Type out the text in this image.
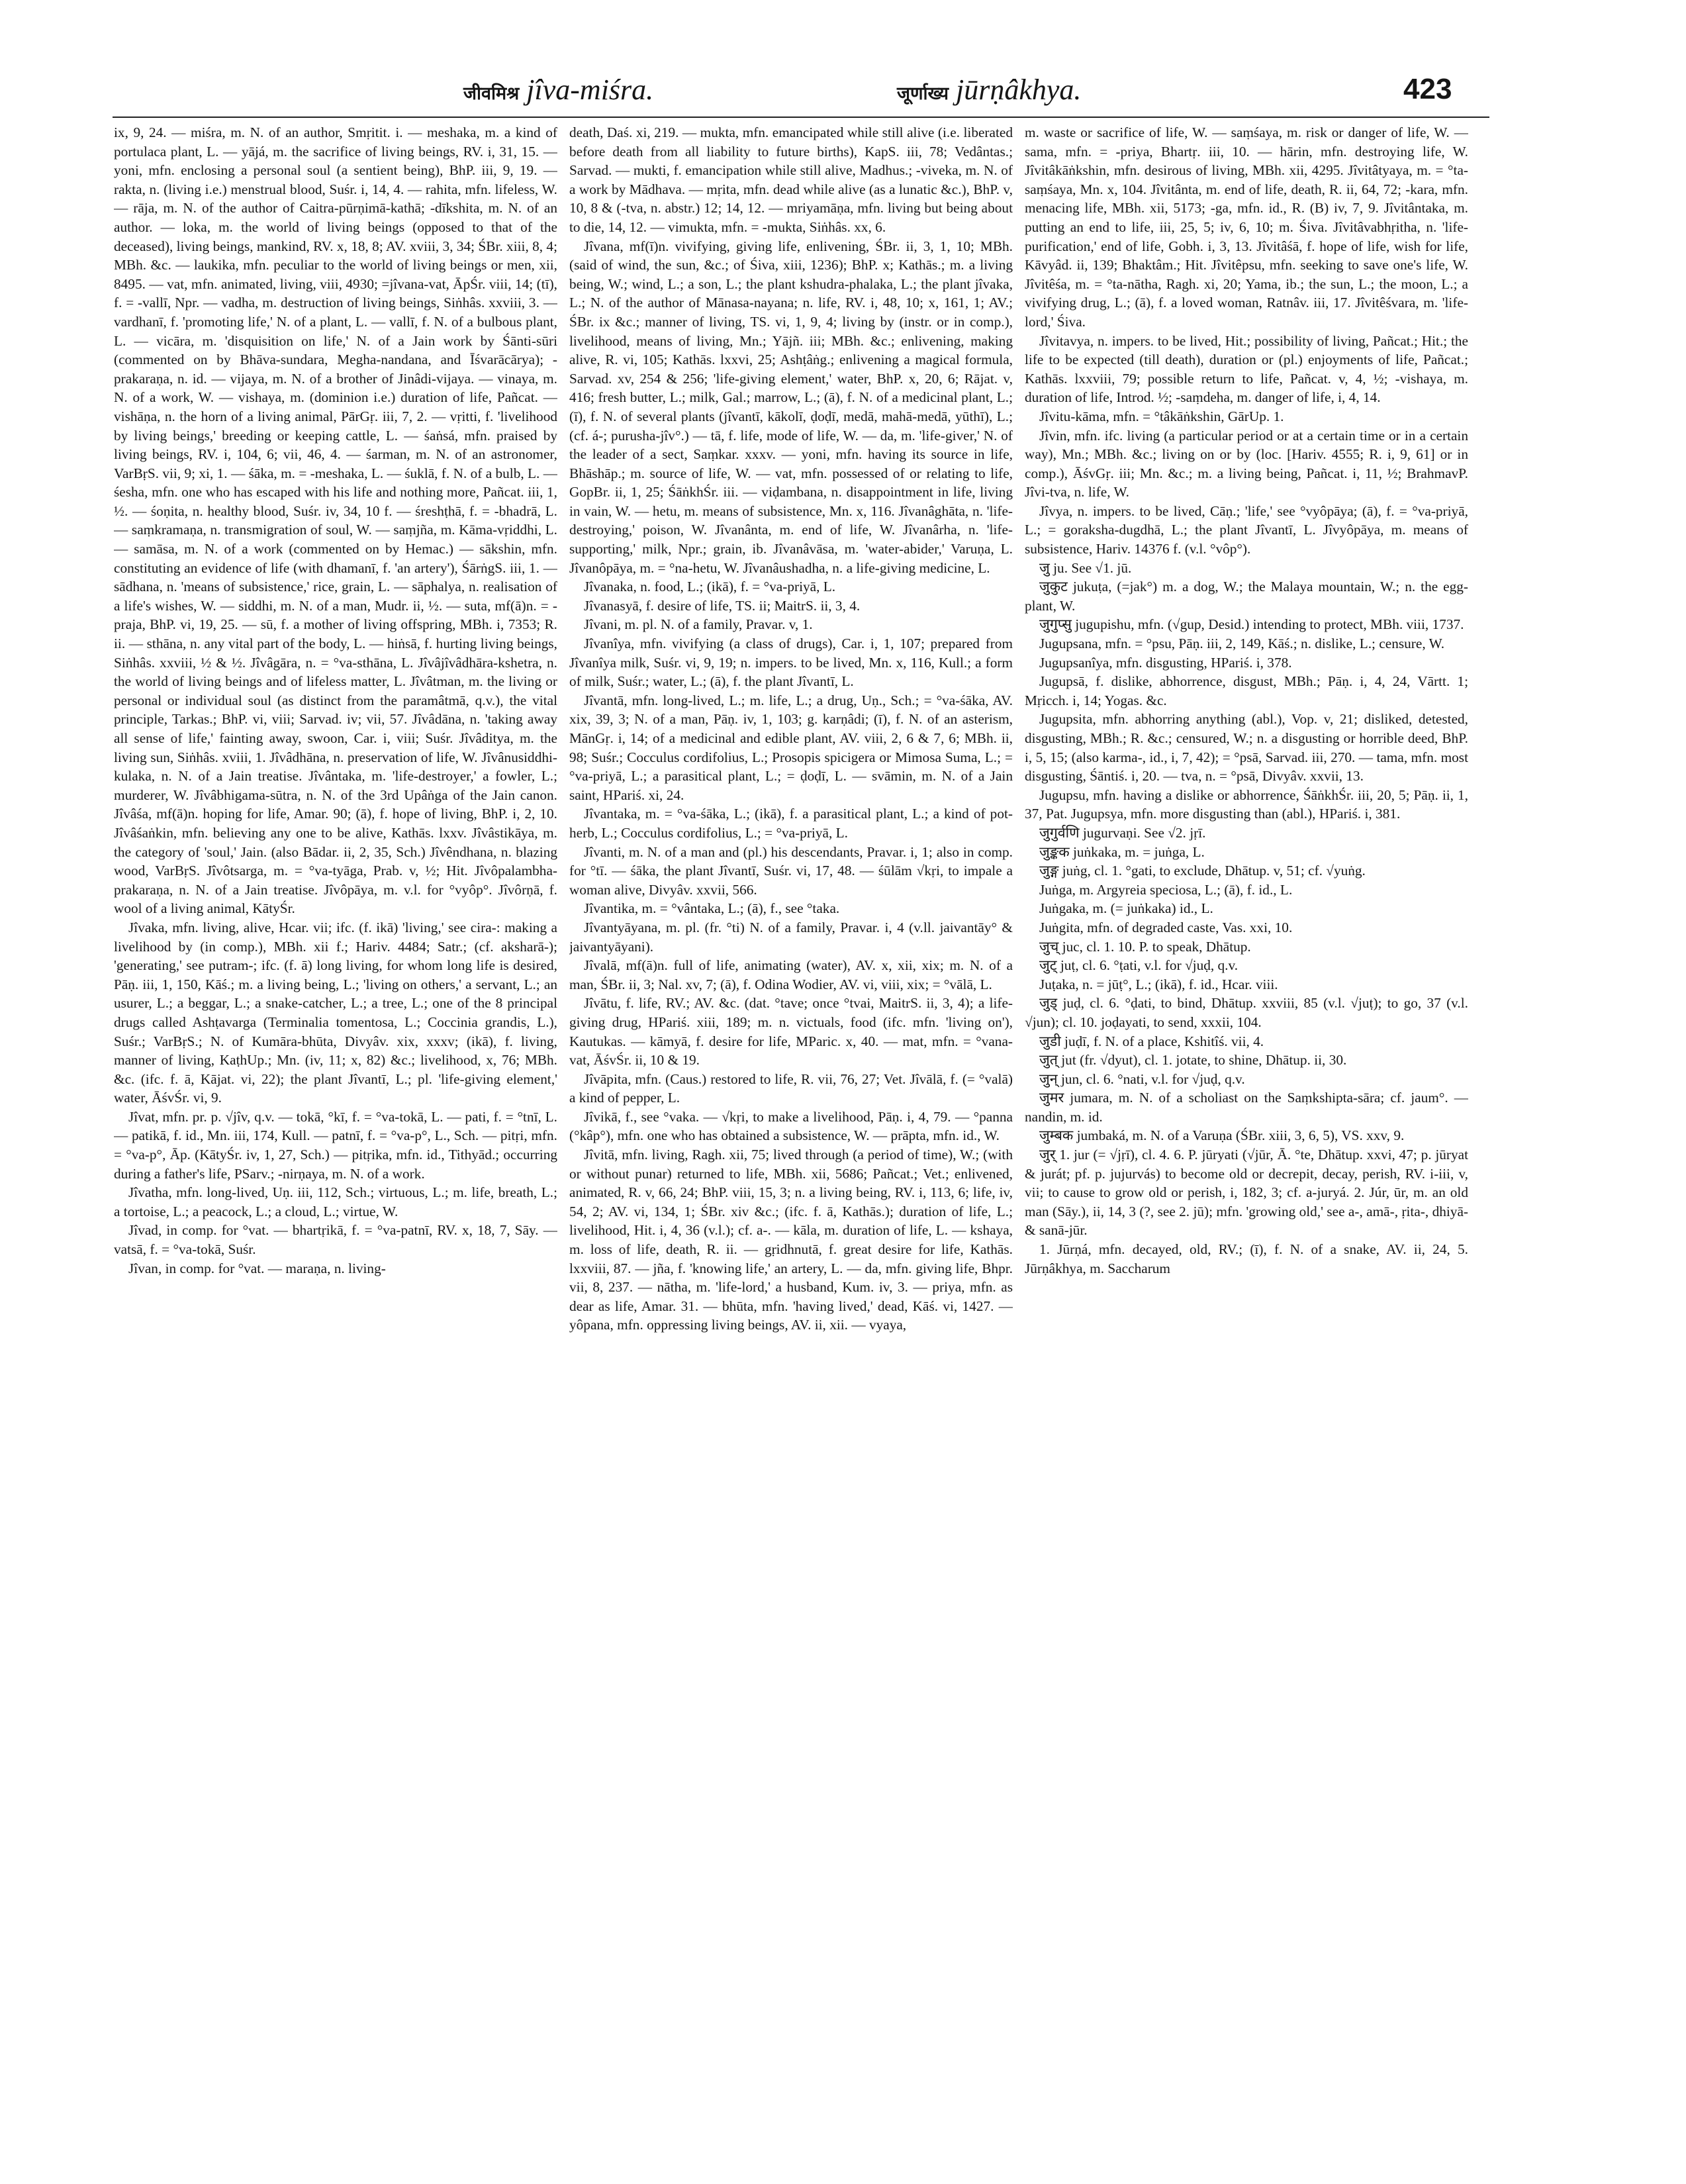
जीवमिश्र jîva-miśra.	जूर्णाख्य jūrṇâkhya.	423

ix, 9, 24. — miśra, m. N. of an author, Smṛitit. i. — meshaka, m. a kind of portulaca plant, L. — yājá, m. the sacrifice of living beings, RV. i, 31, 15. — yoni, mfn. enclosing a personal soul (a sentient being), BhP. iii, 9, 19. — rakta, n. (living i.e.) menstrual blood, Suśr. i, 14, 4. — rahita, mfn. lifeless, W. — rāja, m. N. of the author of Caitra-pūrṇimā-kathā; -dīkshita, m. N. of an author. — loka, m. the world of living beings (opposed to that of the deceased), living beings, mankind, RV. x, 18, 8; AV. xviii, 3, 34; ŚBr. xiii, 8, 4; MBh. &c. — laukika, mfn. peculiar to the world of living beings or men, xii, 8495. — vat, mfn. animated, living, viii, 4930; =jîvana-vat, ĀpŚr. viii, 14; (tī), f. = -vallī, Npr. — vadha, m. destruction of living beings, Siṅhâs. xxviii, 3. — vardhanī, f. 'promoting life,' N. of a plant, L. — vallī, f. N. of a bulbous plant, L. — vicāra, m. 'disquisition on life,' N. of a Jain work by Śānti-sūri (commented on by Bhāva-sundara, Megha-nandana, and Īśvarācārya); -prakaraṇa, n. id. — vijaya, m. N. of a brother of Jinâdi-vijaya. — vinaya, m. N. of a work, W. — vishaya, m. (dominion i.e.) duration of life, Pañcat. — vishāṇa, n. the horn of a living animal, PārGṛ. iii, 7, 2. — vṛitti, f. 'livelihood by living beings,' breeding or keeping cattle, L. — śaṅsá, mfn. praised by living beings, RV. i, 104, 6; vii, 46, 4. — śarman, m. N. of an astronomer, VarBṛS. vii, 9; xi, 1. — śāka, m. = -meshaka, L. — śuklā, f. N. of a bulb, L. — śesha, mfn. one who has escaped with his life and nothing more, Pañcat. iii, 1, ½. — śoṇita, n. healthy blood, Suśr. iv, 34, 10 f. — śreshṭhā, f. = -bhadrā, L. — saṃkramaṇa, n. transmigration of soul, W. — saṃjña, m. Kāma-vṛiddhi, L. — samāsa, m. N. of a work (commented on by Hemac.) — sākshin, mfn. constituting an evidence of life (with dhamanī, f. 'an artery'), ŚārṅgS. iii, 1. — sādhana, n. 'means of subsistence,' rice, grain, L. — sāphalya, n. realisation of a life's wishes, W. — siddhi, m. N. of a man, Mudr. ii, ½. — suta, mf(ā)n. = -praja, BhP. vi, 19, 25. — sū, f. a mother of living offspring, MBh. i, 7353; R. ii. — sthāna, n. any vital part of the body, L. — hiṅsā, f. hurting living beings, Siṅhâs. xxviii, ½ & ½. Jîvâgāra, n. = °va-sthāna, L. Jîvâjîvâdhāra-kshetra, n. the world of living beings and of lifeless matter, L. Jîvâtman, m. the living or personal or individual soul (as distinct from the paramâtmā, q.v.), the vital principle, Tarkas.; BhP. vi, viii; Sarvad. iv; vii, 57. Jîvâdāna, n. 'taking away all sense of life,' fainting away, swoon, Car. i, viii; Suśr. Jîvâditya, m. the living sun, Siṅhâs. xviii, 1. Jîvâdhāna, n. preservation of life, W. Jîvânusiddhi-kulaka, n. N. of a Jain treatise. Jîvântaka, m. 'life-destroyer,' a fowler, L.; murderer, W. Jîvâbhigama-sūtra, n. N. of the 3rd Upâṅga of the Jain canon. Jîvâśa, mf(ā)n. hoping for life, Amar. 90; (ā), f. hope of living, BhP. i, 2, 10. Jîvâśaṅkin, mfn. believing any one to be alive, Kathās. lxxv. Jîvâstikāya, m. the category of 'soul,' Jain. (also Bādar. ii, 2, 35, Sch.) Jîvêndhana, n. blazing wood, VarBṛS. Jîvôtsarga, m. = °va-tyāga, Prab. v, ½; Hit. Jîvôpalambha-prakaraṇa, n. N. of a Jain treatise. Jîvôpāya, m. v.l. for °vyôp°. Jîvôrṇā, f. wool of a living animal, KātyŚr.

Jîvaka, mfn. living, alive, Hcar. vii; ifc. (f. ikā) 'living,' see cira-: making a livelihood by (in comp.), MBh. xii f.; Hariv. 4484; Satr.; (cf. aksharā-); 'generating,' see putram-; ifc. (f. ā) long living, for whom long life is desired, Pāṇ. iii, 1, 150, Kāś.; m. a living being, L.; 'living on others,' a servant, L.; an usurer, L.; a beggar, L.; a snake-catcher, L.; a tree, L.; one of the 8 principal drugs called Ashṭavarga (Terminalia tomentosa, L.; Coccinia grandis, L.), Suśr.; VarBṛS.; N. of Kumāra-bhūta, Divyâv. xix, xxxv; (ikā), f. living, manner of living, KaṭhUp.; Mn. (iv, 11; x, 82) &c.; livelihood, x, 76; MBh. &c. (ifc. f. ā, Kājat. vi, 22); the plant Jîvantī, L.; pl. 'life-giving element,' water, ĀśvŚr. vi, 9.

Jîvat, mfn. pr. p. √jîv, q.v. — tokā, °kī, f. = °va-tokā, L. — pati, f. = °tnī, L. — patikā, f. id., Mn. iii, 174, Kull. — patnī, f. = °va-p°, L., Sch. — pitṛi, mfn. = °va-p°, Āp. (KātyŚr. iv, 1, 27, Sch.) — pitṛika, mfn. id., Tithyād.; occurring during a father's life, PSarv.; -nirṇaya, m. N. of a work.

Jîvatha, mfn. long-lived, Uṇ. iii, 112, Sch.; virtuous, L.; m. life, breath, L.; a tortoise, L.; a peacock, L.; a cloud, L.; virtue, W.

Jîvad, in comp. for °vat. — bhartṛikā, f. = °va-patnī, RV. x, 18, 7, Sāy. — vatsā, f. = °va-tokā, Suśr.

Jîvan, in comp. for °vat. — maraṇa, n. living-

death, Daś. xi, 219. — mukta, mfn. emancipated while still alive (i.e. liberated before death from all liability to future births), KapS. iii, 78; Vedântas.; Sarvad. — mukti, f. emancipation while still alive, Madhus.; -viveka, m. N. of a work by Mādhava. — mṛita, mfn. dead while alive (as a lunatic &c.), BhP. v, 10, 8 & (-tva, n. abstr.) 12; 14, 12. — mriyamāṇa, mfn. living but being about to die, 14, 12. — vimukta, mfn. = -mukta, Siṅhâs. xx, 6.

Jîvana, mf(ī)n. vivifying, giving life, enlivening, ŚBr. ii, 3, 1, 10; MBh. (said of wind, the sun, &c.; of Śiva, xiii, 1236); BhP. x; Kathās.; m. a living being, W.; wind, L.; a son, L.; the plant kshudra-phalaka, L.; the plant jîvaka, L.; N. of the author of Mānasa-nayana; n. life, RV. i, 48, 10; x, 161, 1; AV.; ŚBr. ix &c.; manner of living, TS. vi, 1, 9, 4; living by (instr. or in comp.), livelihood, means of living, Mn.; Yājñ. iii; MBh. &c.; enlivening, making alive, R. vi, 105; Kathās. lxxvi, 25; Ashṭâṅg.; enlivening a magical formula, Sarvad. xv, 254 & 256; 'life-giving element,' water, BhP. x, 20, 6; Rājat. v, 416; fresh butter, L.; milk, Gal.; marrow, L.; (ā), f. N. of a medicinal plant, L.; (ī), f. N. of several plants (jîvantī, kākolī, ḍoḍī, medā, mahā-medā, yūthī), L.; (cf. á-; purusha-jîv°.) — tā, f. life, mode of life, W. — da, m. 'life-giver,' N. of the leader of a sect, Saṃkar. xxxv. — yoni, mfn. having its source in life, Bhāshāp.; m. source of life, W. — vat, mfn. possessed of or relating to life, GopBr. ii, 1, 25; ŚāṅkhŚr. iii. — viḍambana, n. disappointment in life, living in vain, W. — hetu, m. means of subsistence, Mn. x, 116. Jîvanâghāta, n. 'life-destroying,' poison, W. Jîvanânta, m. end of life, W. Jîvanârha, n. 'life-supporting,' milk, Npr.; grain, ib. Jîvanâvāsa, m. 'water-abider,' Varuṇa, L. Jîvanôpāya, m. = °na-hetu, W. Jîvanâushadha, n. a life-giving medicine, L.

Jîvanaka, n. food, L.; (ikā), f. = °va-priyā, L.

Jîvanasyā, f. desire of life, TS. ii; MaitrS. ii, 3, 4.

Jîvani, m. pl. N. of a family, Pravar. v, 1.

Jîvanîya, mfn. vivifying (a class of drugs), Car. i, 1, 107; prepared from Jîvanîya milk, Suśr. vi, 9, 19; n. impers. to be lived, Mn. x, 116, Kull.; a form of milk, Suśr.; water, L.; (ā), f. the plant Jîvantī, L.

Jîvantā, mfn. long-lived, L.; m. life, L.; a drug, Uṇ., Sch.; = °va-śāka, AV. xix, 39, 3; N. of a man, Pāṇ. iv, 1, 103; g. karṇâdi; (ī), f. N. of an asterism, MānGṛ. i, 14; of a medicinal and edible plant, AV. viii, 2, 6 & 7, 6; MBh. ii, 98; Suśr.; Cocculus cordifolius, L.; Prosopis spicigera or Mimosa Suma, L.; = °va-priyā, L.; a parasitical plant, L.; = ḍoḍī, L. — svāmin, m. N. of a Jain saint, HPariś. xi, 24.

Jîvantaka, m. = °va-śāka, L.; (ikā), f. a parasitical plant, L.; a kind of pot-herb, L.; Cocculus cordifolius, L.; = °va-priyā, L.

Jîvanti, m. N. of a man and (pl.) his descendants, Pravar. i, 1; also in comp. for °tī. — śāka, the plant Jîvantī, Suśr. vi, 17, 48. — śūlām √kṛi, to impale a woman alive, Divyâv. xxvii, 566.

Jîvantika, m. = °vântaka, L.; (ā), f., see °taka.

Jîvantyāyana, m. pl. (fr. °ti) N. of a family, Pravar. i, 4 (v.ll. jaivantāy° & jaivantyāyani).

Jîvalā, mf(ā)n. full of life, animating (water), AV. x, xii, xix; m. N. of a man, ŚBr. ii, 3; Nal. xv, 7; (ā), f. Odina Wodier, AV. vi, viii, xix; = °vālā, L.

Jîvātu, f. life, RV.; AV. &c. (dat. °tave; once °tvai, MaitrS. ii, 3, 4); a life-giving drug, HPariś. xiii, 189; m. n. victuals, food (ifc. mfn. 'living on'), Kautukas. — kāmyā, f. desire for life, MParic. x, 40. — mat, mfn. = °vana-vat, ĀśvŚr. ii, 10 & 19.

Jîvāpita, mfn. (Caus.) restored to life, R. vii, 76, 27; Vet. Jîvālā, f. (= °valā) a kind of pepper, L.

Jîvikā, f., see °vaka. — √kṛi, to make a livelihood, Pāṇ. i, 4, 79. — °panna (°kâp°), mfn. one who has obtained a subsistence, W. — prāpta, mfn. id., W.

Jîvitā, mfn. living, Ragh. xii, 75; lived through (a period of time), W.; (with or without punar) returned to life, MBh. xii, 5686; Pañcat.; Vet.; enlivened, animated, R. v, 66, 24; BhP. viii, 15, 3; n. a living being, RV. i, 113, 6; life, iv, 54, 2; AV. vi, 134, 1; ŚBr. xiv &c.; (ifc. f. ā, Kathās.); duration of life, L.; livelihood, Hit. i, 4, 36 (v.l.); cf. a-. — kāla, m. duration of life, L. — kshaya, m. loss of life, death, R. ii. — gṛidhnutā, f. great desire for life, Kathās. lxxviii, 87. — jña, f. 'knowing life,' an artery, L. — da, mfn. giving life, Bhpr. vii, 8, 237. — nātha, m. 'life-lord,' a husband, Kum. iv, 3. — priya, mfn. as dear as life, Amar. 31. — bhūta, mfn. 'having lived,' dead, Kāś. vi, 1427. — yôpana, mfn. oppressing living beings, AV. ii, xii. — vyaya,

m. waste or sacrifice of life, W. — saṃśaya, m. risk or danger of life, W. — sama, mfn. = -priya, Bhartṛ. iii, 10. — hārin, mfn. destroying life, W. Jîvitâkāṅkshin, mfn. desirous of living, MBh. xii, 4295. Jîvitâtyaya, m. = °ta-saṃśaya, Mn. x, 104. Jîvitânta, m. end of life, death, R. ii, 64, 72; -kara, mfn. menacing life, MBh. xii, 5173; -ga, mfn. id., R. (B) iv, 7, 9. Jîvitântaka, m. putting an end to life, iii, 25, 5; iv, 6, 10; m. Śiva. Jîvitâvabhṛitha, n. 'life-purification,' end of life, Gobh. i, 3, 13. Jîvitâśā, f. hope of life, wish for life, Kāvyâd. ii, 139; Bhaktâm.; Hit. Jîvitêpsu, mfn. seeking to save one's life, W. Jîvitêśa, m. = °ta-nātha, Ragh. xi, 20; Yama, ib.; the sun, L.; the moon, L.; a vivifying drug, L.; (ā), f. a loved woman, Ratnâv. iii, 17. Jîvitêśvara, m. 'life-lord,' Śiva.

Jîvitavya, n. impers. to be lived, Hit.; possibility of living, Pañcat.; Hit.; the life to be expected (till death), duration or (pl.) enjoyments of life, Pañcat.; Kathās. lxxviii, 79; possible return to life, Pañcat. v, 4, ½; -vishaya, m. duration of life, Introd. ½; -saṃdeha, m. danger of life, i, 4, 14.

Jîvitu-kāma, mfn. = °tâkāṅkshin, GārUp. 1.

Jîvin, mfn. ifc. living (a particular period or at a certain time or in a certain way), Mn.; MBh. &c.; living on or by (loc. [Hariv. 4555; R. i, 9, 61] or in comp.), ĀśvGṛ. iii; Mn. &c.; m. a living being, Pañcat. i, 11, ½; BrahmavP. Jîvi-tva, n. life, W.

Jîvya, n. impers. to be lived, Cāṇ.; 'life,' see °vyôpāya; (ā), f. = °va-priyā, L.; = goraksha-dugdhā, L.; the plant Jîvantī, L. Jîvyôpāya, m. means of subsistence, Hariv. 14376 f. (v.l. °vôp°).

जु ju. See √1. jū.

जुकुट jukuṭa, (=jak°) m. a dog, W.; the Malaya mountain, W.; n. the egg-plant, W.

जुगुप्सु jugupishu, mfn. (√gup, Desid.) intending to protect, MBh. viii, 1737.

Jugupsana, mfn. = °psu, Pāṇ. iii, 2, 149, Kāś.; n. dislike, L.; censure, W.

Jugupsanîya, mfn. disgusting, HPariś. i, 378.

Jugupsā, f. dislike, abhorrence, disgust, MBh.; Pāṇ. i, 4, 24, Vārtt. 1; Mṛicch. i, 14; Yogas. &c.

Jugupsita, mfn. abhorring anything (abl.), Vop. v, 21; disliked, detested, disgusting, MBh.; R. &c.; censured, W.; n. a disgusting or horrible deed, BhP. i, 5, 15; (also karma-, id., i, 7, 42); = °psā, Sarvad. iii, 270. — tama, mfn. most disgusting, Śāntiś. i, 20. — tva, n. = °psā, Divyâv. xxvii, 13.

Jugupsu, mfn. having a dislike or abhorrence, ŚāṅkhŚr. iii, 20, 5; Pāṇ. ii, 1, 37, Pat. Jugupsya, mfn. more disgusting than (abl.), HPariś. i, 381.

जुगुर्वणि jugurvaṇi. See √2. jṛī.

जुङ्कक juṅkaka, m. = juṅga, L.

जुङ्ग juṅg, cl. 1. °gati, to exclude, Dhātup. v, 51; cf. √yuṅg.

Juṅga, m. Argyreia speciosa, L.; (ā), f. id., L.

Juṅgaka, m. (= juṅkaka) id., L.

Juṅgita, mfn. of degraded caste, Vas. xxi, 10.

जुच् juc, cl. 1. 10. P. to speak, Dhātup.

जुट् juṭ, cl. 6. °ṭati, v.l. for √juḍ, q.v.

Juṭaka, n. = jūṭ°, L.; (ikā), f. id., Hcar. viii.

जुड् juḍ, cl. 6. °ḍati, to bind, Dhātup. xxviii, 85 (v.l. √juṭ); to go, 37 (v.l. √jun); cl. 10. joḍayati, to send, xxxii, 104.

जुडी juḍī, f. N. of a place, Kshitîś. vii, 4.

जुत् jut (fr. √dyut), cl. 1. jotate, to shine, Dhātup. ii, 30.

जुन् jun, cl. 6. °nati, v.l. for √juḍ, q.v.

जुमर jumara, m. N. of a scholiast on the Saṃkshipta-sāra; cf. jaum°. — nandin, m. id.

जुम्बक jumbaká, m. N. of a Varuṇa (ŚBr. xiii, 3, 6, 5), VS. xxv, 9.

जुर् 1. jur (= √jṛī), cl. 4. 6. P. jūryati (√jūr, Ā. °te, Dhātup. xxvi, 47; p. jūryat & jurát; pf. p. jujurvás) to become old or decrepit, decay, perish, RV. i-iii, v, vii; to cause to grow old or perish, i, 182, 3; cf. a-juryá. 2. Júr, ūr, m. an old man (Sāy.), ii, 14, 3 (?, see 2. jū); mfn. 'growing old,' see a-, amā-, ṛita-, dhiyā- & sanā-jūr.

1. Jūrṇá, mfn. decayed, old, RV.; (ī), f. N. of a snake, AV. ii, 24, 5. Jūrṇâkhya, m. Saccharum
